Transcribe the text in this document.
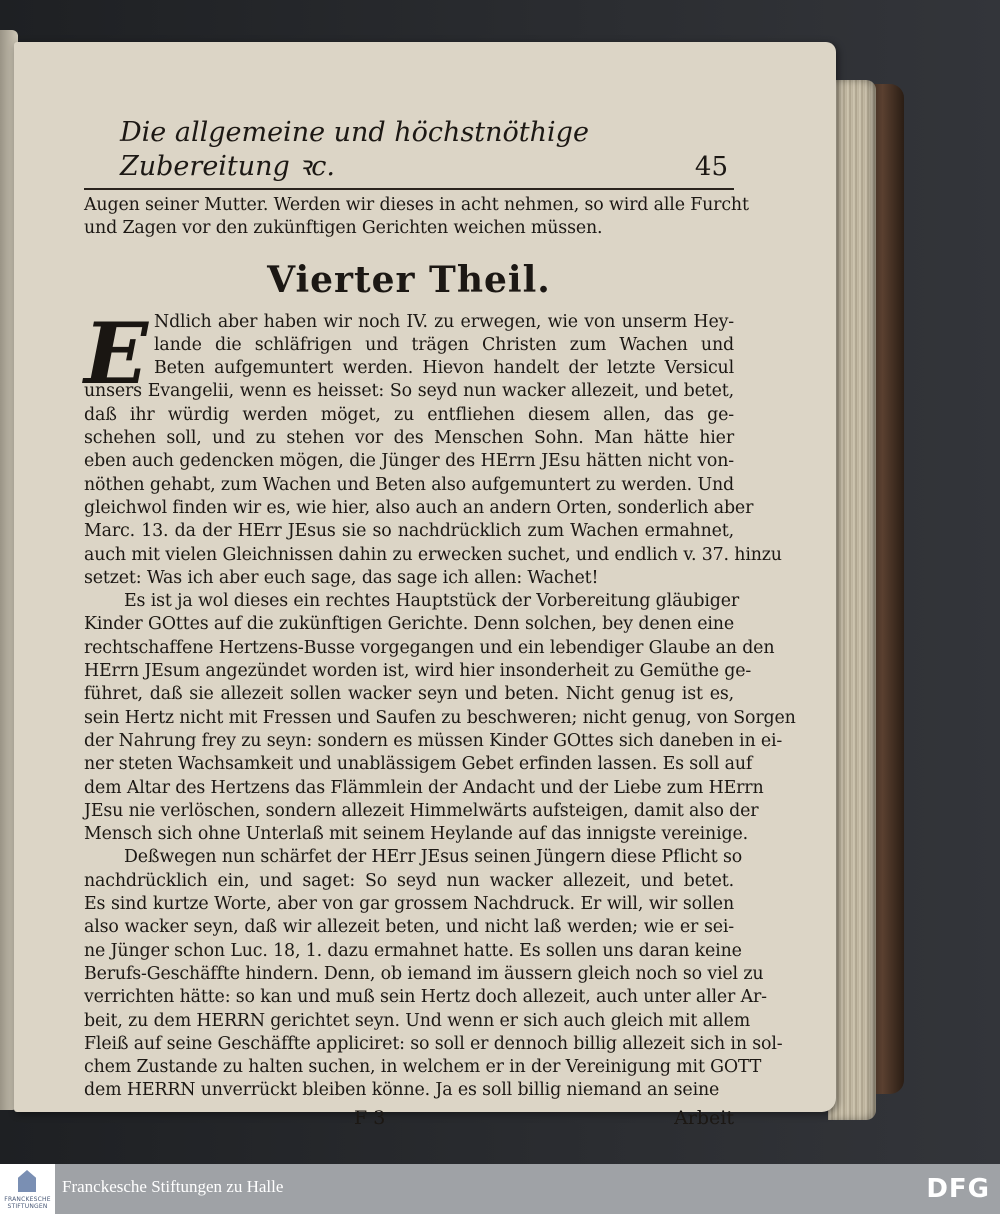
Die allgemeine und höchstnöthige Zubereitung ꝛc.	45
Augen seiner Mutter. Werden wir dieses in acht nehmen, so wird alle Furcht
und Zagen vor den zukünftigen Gerichten weichen müssen.
Vierter Theil.
E Ndlich aber haben wir noch IV. zu erwegen, wie von unserm Hey-
lande die schläfrigen und trägen Christen zum Wachen und
Beten aufgemuntert werden. Hievon handelt der letzte Versicul
unsers Evangelii, wenn es heisset: So seyd nun wacker allezeit, und betet,
daß ihr würdig werden möget, zu entfliehen diesem allen, das ge-
schehen soll, und zu stehen vor des Menschen Sohn. Man hätte hier
eben auch gedencken mögen, die Jünger des HErrn JEsu hätten nicht von-
nöthen gehabt, zum Wachen und Beten also aufgemuntert zu werden. Und
gleichwol finden wir es, wie hier, also auch an andern Orten, sonderlich aber
Marc. 13. da der HErr JEsus sie so nachdrücklich zum Wachen ermahnet,
auch mit vielen Gleichnissen dahin zu erwecken suchet, und endlich v. 37. hinzu
setzet: Was ich aber euch sage, das sage ich allen: Wachet!
Es ist ja wol dieses ein rechtes Hauptstück der Vorbereitung gläubiger
Kinder GOttes auf die zukünftigen Gerichte. Denn solchen, bey denen eine
rechtschaffene Hertzens-Busse vorgegangen und ein lebendiger Glaube an den
HErrn JEsum angezündet worden ist, wird hier insonderheit zu Gemüthe ge-
führet, daß sie allezeit sollen wacker seyn und beten. Nicht genug ist es,
sein Hertz nicht mit Fressen und Saufen zu beschweren; nicht genug, von Sorgen
der Nahrung frey zu seyn: sondern es müssen Kinder GOttes sich daneben in ei-
ner steten Wachsamkeit und unablässigem Gebet erfinden lassen. Es soll auf
dem Altar des Hertzens das Flämmlein der Andacht und der Liebe zum HErrn
JEsu nie verlöschen, sondern allezeit Himmelwärts aufsteigen, damit also der
Mensch sich ohne Unterlaß mit seinem Heylande auf das innigste vereinige.
Deßwegen nun schärfet der HErr JEsus seinen Jüngern diese Pflicht so
nachdrücklich ein, und saget: So seyd nun wacker allezeit, und betet.
Es sind kurtze Worte, aber von gar grossem Nachdruck. Er will, wir sollen
also wacker seyn, daß wir allezeit beten, und nicht laß werden; wie er sei-
ne Jünger schon Luc. 18, 1. dazu ermahnet hatte. Es sollen uns daran keine
Berufs-Geschäffte hindern. Denn, ob iemand im äussern gleich noch so viel zu
verrichten hätte: so kan und muß sein Hertz doch allezeit, auch unter aller Ar-
beit, zu dem HERRN gerichtet seyn. Und wenn er sich auch gleich mit allem
Fleiß auf seine Geschäffte appliciret: so soll er dennoch billig allezeit sich in sol-
chem Zustande zu halten suchen, in welchem er in der Vereinigung mit GOTT
dem HERRN unverrückt bleiben könne. Ja es soll billig niemand an seine
F 3	Arbeit
FRANCKESCHE STIFTUNGEN
Franckesche Stiftungen zu Halle	DFG
